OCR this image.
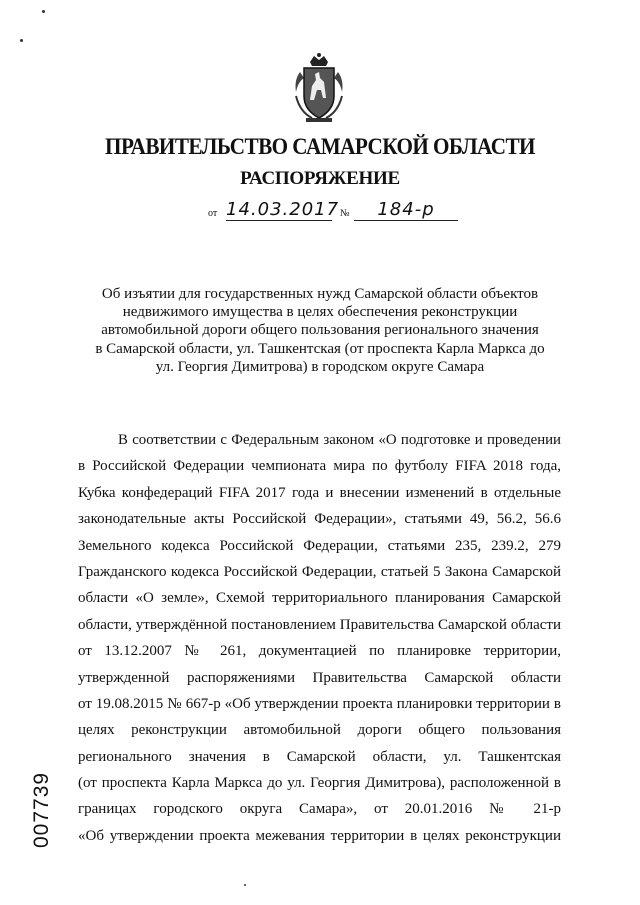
ПРАВИТЕЛЬСТВО САМАРСКОЙ ОБЛАСТИ
РАСПОРЯЖЕНИЕ
от 14.03.2017 №	184-р
Об изъятии для государственных нужд Самарской области объектов
недвижимого имущества в целях обеспечения реконструкции
автомобильной дороги общего пользования регионального значения
в Самарской области, ул. Ташкентская (от проспекта Карла Маркса до
ул. Георгия Димитрова) в городском округе Самара
В соответствии с Федеральным законом «О подготовке и проведении
в Российской Федерации чемпионата мира по футболу FIFA 2018 года,
Кубка конфедераций FIFA 2017 года и внесении изменений в отдельные
законодательные акты Российской Федерации», статьями 49, 56.2, 56.6
Земельного кодекса Российской Федерации, статьями 235, 239.2, 279
Гражданского кодекса Российской Федерации, статьей 5 Закона Самарской
области «О земле», Схемой территориального планирования Самарской
области, утверждённой постановлением Правительства Самарской области
от 13.12.2007 № 261, документацией по планировке территории,
утвержденной распоряжениями Правительства Самарской области
от 19.08.2015 № 667-р «Об утверждении проекта планировки территории в
целях реконструкции автомобильной дороги общего пользования
регионального значения в Самарской области, ул. Ташкентская
(от проспекта Карла Маркса до ул. Георгия Димитрова), расположенной в
границах городского округа Самара», от 20.01.2016 № 21-р
«Об утверждении проекта межевания территории в целях реконструкции
007739
